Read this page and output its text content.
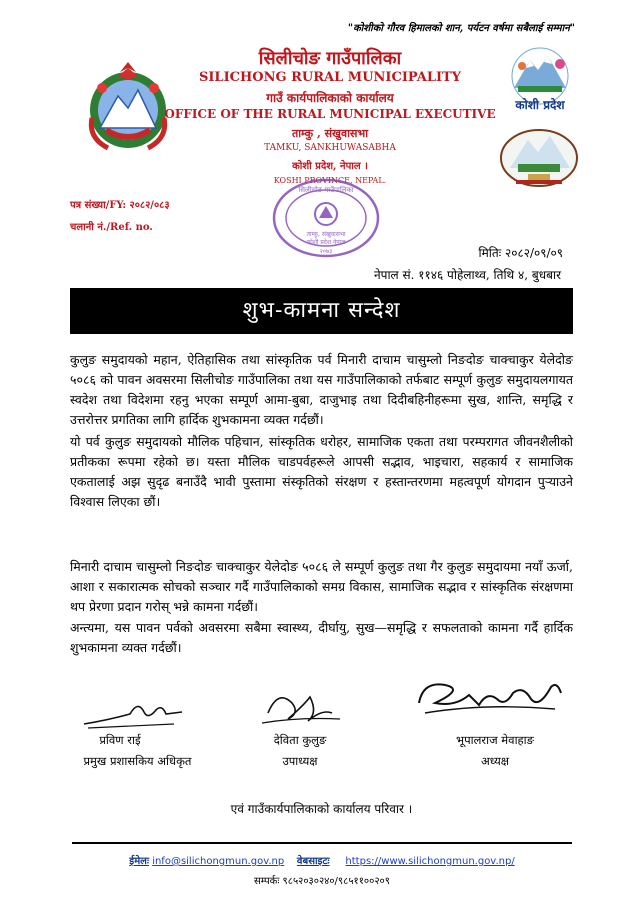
"कोशीको गौरव हिमालको शान, पर्यटन वर्षमा सबैलाई सम्मान"
कोशी प्रदेश
सिलीचोङ गाउँपालिका
SILICHONG RURAL MUNICIPALITY
गाउँ कार्यपालिकाको कार्यालय
OFFICE OF THE RURAL MUNICIPAL EXECUTIVE
ताम्कु , संखुवासभा
TAMKU, SANKHUWASABHA
कोशी प्रदेश, नेपाल ।
KOSHI PROVINCE, NEPAL.
पत्र संख्या/FY: २०८२/०८३
चलानी नं./Ref. no.
सिलीचोङ गाउँपालिका
ताम्कु, संखुवासभा
कोशी प्रदेश नेपाल
२०७३	मितिः २०८२/०९/०९
नेपाल सं. ११४६ पोहेलाथ्व, तिथि ४, बुधबार
शुभ-कामना सन्देश
कुलुङ समुदायको महान, ऐतिहासिक तथा सांस्कृतिक पर्व मिनारी दाचाम चासुम्लो निङदोङ चाक्चाकुर येलेदोङ ५०८६ को पावन अवसरमा सिलीचोङ गाउँपालिका तथा यस गाउँपालिकाको तर्फबाट सम्पूर्ण कुलुङ समुदायलगायत स्वदेश तथा विदेशमा रहनु भएका सम्पूर्ण आमा-बुबा, दाजुभाइ तथा दिदीबहिनीहरूमा सुख, शान्ति, समृद्धि र उत्तरोत्तर प्रगतिका लागि हार्दिक शुभकामना व्यक्त गर्दछौं।
यो पर्व कुलुङ समुदायको मौलिक पहिचान, सांस्कृतिक धरोहर, सामाजिक एकता तथा परम्परागत जीवनशैलीको प्रतीकका रूपमा रहेको छ। यस्ता मौलिक चाडपर्वहरूले आपसी सद्भाव, भाइचारा, सहकार्य र सामाजिक एकतालाई अझ सुदृढ बनाउँदै भावी पुस्तामा संस्कृतिको संरक्षण र हस्तान्तरणमा महत्वपूर्ण योगदान पुऱ्याउने विश्वास लिएका छौं।
मिनारी दाचाम चासुम्लो निङदोङ चाक्चाकुर येलेदोङ ५०८६ ले सम्पूर्ण कुलुङ तथा गैर कुलुङ समुदायमा नयाँ ऊर्जा, आशा र सकारात्मक सोचको सञ्चार गर्दै गाउँपालिकाको समग्र विकास, सामाजिक सद्भाव र सांस्कृतिक संरक्षणमा थप प्रेरणा प्रदान गरोस् भन्ने कामना गर्दछौं।
अन्त्यमा, यस पावन पर्वको अवसरमा सबैमा स्वास्थ्य, दीर्घायु, सुख—समृद्धि र सफलताको कामना गर्दै हार्दिक शुभकामना व्यक्त गर्दछौं।
प्रविण राई
प्रमुख प्रशासकिय अधिकृत
देविता कुलुङ
उपाध्यक्ष
भूपालराज मेवाहाङ
अध्यक्ष
एवं गाउँकार्यपालिकाको कार्यालय परिवार ।
ईमेलः info@silichongmun.gov.np वेबसाइटः https://www.silichongmun.gov.np/
सम्पर्कः ९८५२०३०२४०/९८५११००२०९
